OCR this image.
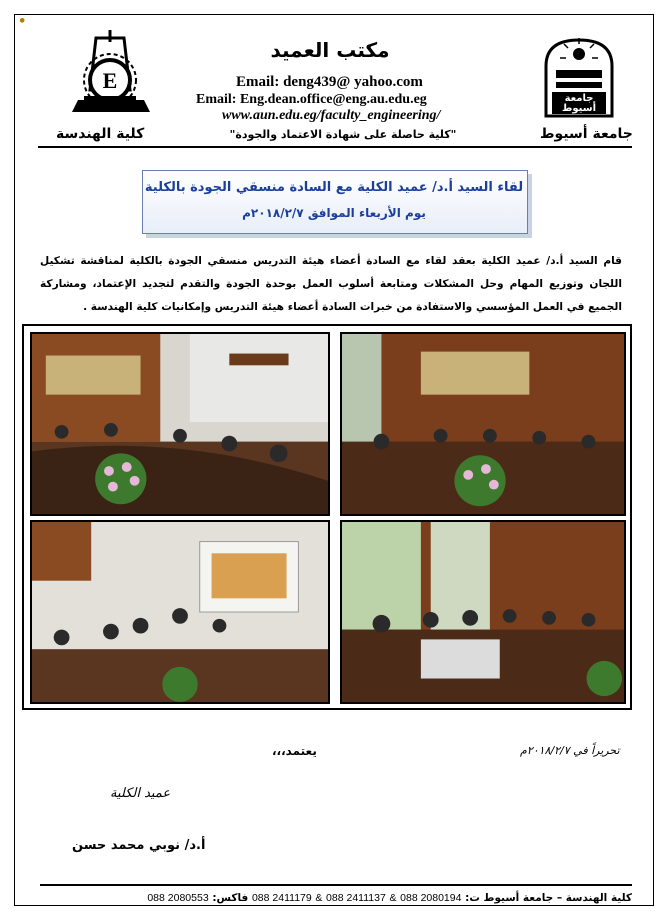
⚫
E
جامعة أسيوط
مكتب العميد
Email: deng439@ yahoo.com
Email: Eng.dean.office@eng.au.edu.eg
www.aun.edu.eg/faculty_engineering/
"كلية حاصلة على شهادة الاعتماد والجودة"
كلية الهندسة	جامعة أسيوط
لقاء السيد أ.د/ عميد الكلية مع السادة منسقي الجودة بالكلية
يوم الأربعاء الموافق ٢٠١٨/٢/٧م
قام السيد أ.د/ عميد الكلية بعقد لقاء مع السادة أعضاء هيئة التدريس منسقي الجودة بالكلية لمناقشة تشكيل اللجان وتوزيع المهام وحل المشكلات ومتابعة أسلوب العمل بوحدة الجودة والتقدم لتجديد الإعتماد، ومشاركة الجميع في العمل المؤسسي والاستفادة من خبرات السادة أعضاء هيئة التدريس وإمكانيات كلية الهندسة .
يعتمد،،،	تحريراً في ٢٠١٨/٢/٧م
عميد الكلية
أ.د/ نوبي محمد حسن
كلية الهندسة – جامعة أسيوط ت: 088 2080194 & 088 2411137 & 088 2411179 فاكس: 088 2080553
